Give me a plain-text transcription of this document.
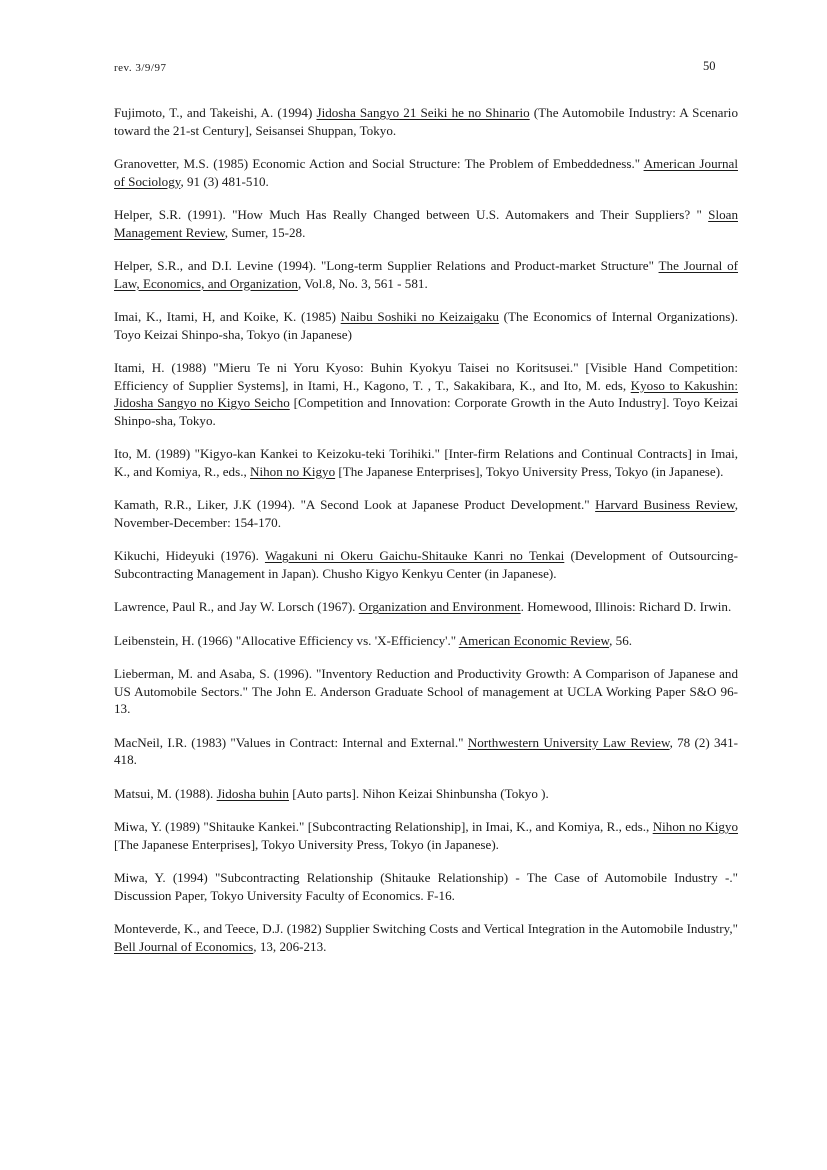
rev. 3/9/97	50

Fujimoto, T., and Takeishi, A. (1994) Jidosha Sangyo 21 Seiki he no Shinario (The Automobile Industry: A Scenario toward the 21-st Century], Seisansei Shuppan, Tokyo.

Granovetter, M.S. (1985) Economic Action and Social Structure: The Problem of Embeddedness." American Journal of Sociology, 91 (3) 481-510.

Helper, S.R. (1991). "How Much Has Really Changed between U.S. Automakers and Their Suppliers? " Sloan Management Review, Sumer, 15-28.

Helper, S.R., and D.I. Levine (1994). "Long-term Supplier Relations and Product-market Structure" The Journal of Law, Economics, and Organization, Vol.8, No. 3, 561 - 581.

Imai, K., Itami, H, and Koike, K. (1985) Naibu Soshiki no Keizaigaku (The Economics of Internal Organizations). Toyo Keizai Shinpo-sha, Tokyo (in Japanese)

Itami, H. (1988) "Mieru Te ni Yoru Kyoso: Buhin Kyokyu Taisei no Koritsusei." [Visible Hand Competition: Efficiency of Supplier Systems], in Itami, H., Kagono, T. , T., Sakakibara, K., and Ito, M. eds, Kyoso to Kakushin: Jidosha Sangyo no Kigyo Seicho [Competition and Innovation: Corporate Growth in the Auto Industry]. Toyo Keizai Shinpo-sha, Tokyo.

Ito, M. (1989) "Kigyo-kan Kankei to Keizoku-teki Torihiki." [Inter-firm Relations and Continual Contracts] in Imai, K., and Komiya, R., eds., Nihon no Kigyo [The Japanese Enterprises], Tokyo University Press, Tokyo (in Japanese).

Kamath, R.R., Liker, J.K (1994). "A Second Look at Japanese Product Development." Harvard Business Review, November-December: 154-170.

Kikuchi, Hideyuki (1976). Wagakuni ni Okeru Gaichu-Shitauke Kanri no Tenkai (Development of Outsourcing-Subcontracting Management in Japan). Chusho Kigyo Kenkyu Center (in Japanese).

Lawrence, Paul R., and Jay W. Lorsch (1967). Organization and Environment. Homewood, Illinois: Richard D. Irwin.

Leibenstein, H. (1966) "Allocative Efficiency vs. 'X-Efficiency'." American Economic Review, 56.

Lieberman, M. and Asaba, S. (1996). "Inventory Reduction and Productivity Growth: A Comparison of Japanese and US Automobile Sectors." The John E. Anderson Graduate School of management at UCLA Working Paper S&O 96-13.

MacNeil, I.R. (1983) "Values in Contract: Internal and External." Northwestern University Law Review, 78 (2) 341-418.

Matsui, M. (1988). Jidosha buhin [Auto parts]. Nihon Keizai Shinbunsha (Tokyo ).

Miwa, Y. (1989) "Shitauke Kankei." [Subcontracting Relationship], in Imai, K., and Komiya, R., eds., Nihon no Kigyo [The Japanese Enterprises], Tokyo University Press, Tokyo (in Japanese).

Miwa, Y. (1994) "Subcontracting Relationship (Shitauke Relationship) - The Case of Automobile Industry -." Discussion Paper, Tokyo University Faculty of Economics. F-16.

Monteverde, K., and Teece, D.J. (1982) Supplier Switching Costs and Vertical Integration in the Automobile Industry," Bell Journal of Economics, 13, 206-213.
